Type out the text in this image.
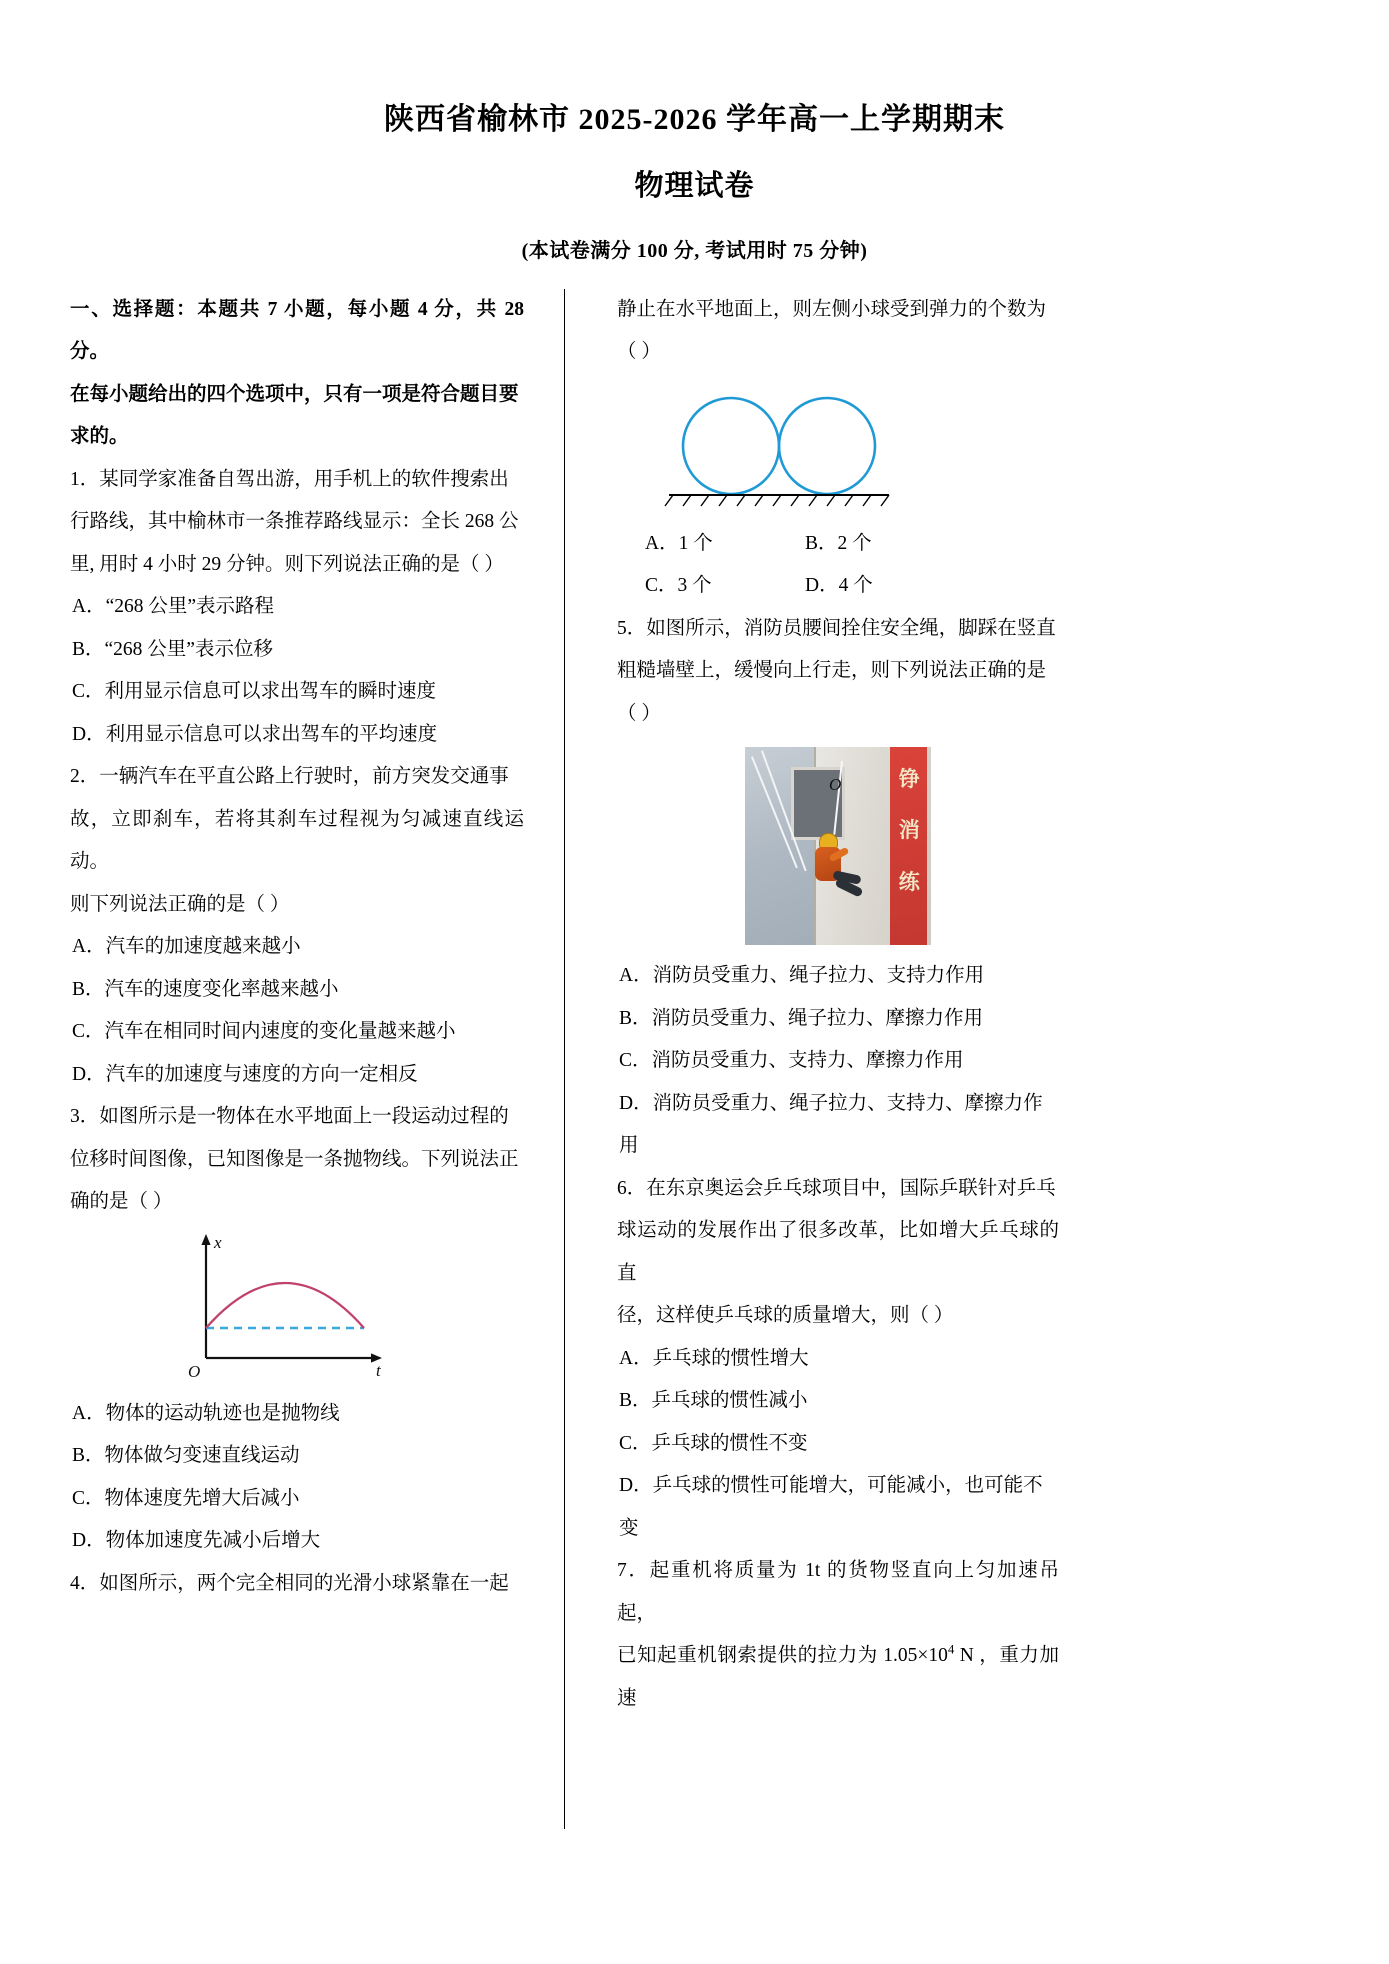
陕西省榆林市 2025-2026 学年高一上学期期末
物理试卷
(本试卷满分 100 分, 考试用时 75 分钟)

一、选择题：本题共 7 小题，每小题 4 分，共 28 分。

在每小题给出的四个选项中，只有一项是符合题目要

求的。

1．某同学家准备自驾出游，用手机上的软件搜索出

行路线，其中榆林市一条推荐路线显示：全长 268 公

里, 用时 4 小时 29 分钟。则下列说法正确的是（ ）

A．“268 公里”表示路程

B．“268 公里”表示位移

C．利用显示信息可以求出驾车的瞬时速度

D．利用显示信息可以求出驾车的平均速度

2．一辆汽车在平直公路上行驶时，前方突发交通事

故，立即刹车，若将其刹车过程视为匀减速直线运动。

则下列说法正确的是（ ）

A．汽车的加速度越来越小

B．汽车的速度变化率越来越小

C．汽车在相同时间内速度的变化量越来越小

D．汽车的加速度与速度的方向一定相反

3．如图所示是一物体在水平地面上一段运动过程的

位移时间图像，已知图像是一条抛物线。下列说法正

确的是（ ）

x
t
O

A．物体的运动轨迹也是抛物线

B．物体做匀变速直线运动

C．物体速度先增大后减小

D．物体加速度先减小后增大

4．如图所示，两个完全相同的光滑小球紧靠在一起

静止在水平地面上，则左侧小球受到弹力的个数为

（ ）

A．1 个	B．2 个
C．3 个	D．4 个

5．如图所示，消防员腰间拴住安全绳，脚踩在竖直

粗糙墙壁上，缓慢向上行走，则下列说法正确的是

（ ）

铮
消
练
O

A．消防员受重力、绳子拉力、支持力作用

B．消防员受重力、绳子拉力、摩擦力作用

C．消防员受重力、支持力、摩擦力作用

D．消防员受重力、绳子拉力、支持力、摩擦力作用

6．在东京奥运会乒乓球项目中，国际乒联针对乒乓

球运动的发展作出了很多改革，比如增大乒乓球的直

径，这样使乒乓球的质量增大，则（ ）

A．乒乓球的惯性增大

B．乒乓球的惯性减小

C．乒乓球的惯性不变

D．乒乓球的惯性可能增大，可能减小，也可能不变

7．起重机将质量为 1t 的货物竖直向上匀加速吊起，

已知起重机钢索提供的拉力为 $1.05\times 10^4$ N ，重力加速
